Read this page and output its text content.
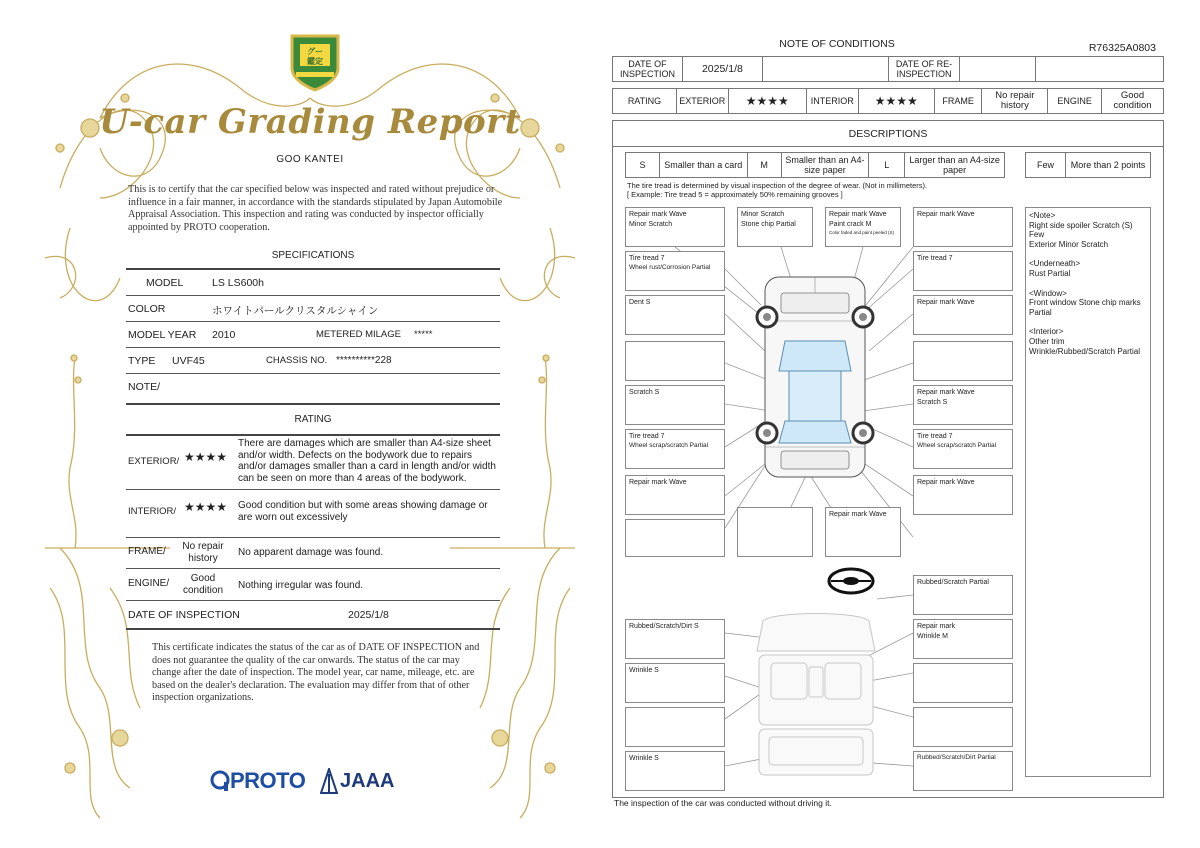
グー
鑑定
U-car Grading Report
GOO KANTEI
This is to certify that the car specified below was inspected and rated without prejudice or influence in a fair manner, in accordance with the standards stipulated by Japan Automobile Appraisal Association. This inspection and rating was conducted by inspector officially appointed by PROTO cooperation.
SPECIFICATIONS
MODEL	LS LS600h
COLOR	ホワイトパールクリスタルシャイン
MODEL YEAR 2010	METERED MILAGE *****
TYPE UVF45	CHASSIS NO. **********228
NOTE/
RATING
EXTERIOR/ ★★★★
There are damages which are smaller than A4-size sheet and/or width. Defects on the bodywork due to repairs and/or damages smaller than a card in length and/or width can be seen on more than 4 areas of the bodywork.
INTERIOR/ ★★★★ Good condition but with some areas showing damage or are worn out excessively
FRAME/	No repair history	No apparent damage was found.
ENGINE/	Good condition	Nothing irregular was found.
DATE OF INSPECTION	2025/1/8
This certificate indicates the status of the car as of DATE OF INSPECTION and does not guarantee the quality of the car onwards. The status of the car may change after the date of inspection. The model year, car name, mileage, etc. are based on the dealer's declaration. The evaluation may differ from that of other inspection organizations.
PROTO JAAA
NOTE OF CONDITIONS	R76325A0803
DATE OF INSPECTION	2025/1/8		DATE OF RE-INSPECTION		
RATING	EXTERIOR	★★★★	INTERIOR	★★★★	FRAME	No repair history	ENGINE	Good condition
DESCRIPTIONS
S	Smaller than a card	M	Smaller than an A4-size paper	L	Larger than an A4-size paper	Few	More than 2 points
The tire tread is determined by visual inspection of the degree of wear. (Not in millimeters).
[ Example: Tire tread 5 = approximately 50% remaining grooves ]
Repair mark Wave
Minor Scratch
Minor Scratch
Stone chip Partial
Repair mark Wave
Paint crack M
Color faded and paint peeled (S)
Repair mark Wave
Tire tread 7
Wheel rust/Corrosion Partial
Tire tread 7
Dent S	Repair mark Wave
Scratch S	Repair mark Wave
Scratch S
Tire tread 7
Wheel scrap/scratch Partial
Tire tread 7
Wheel scrap/scratch Partial
Repair mark Wave	Repair mark Wave
Repair mark Wave
Rubbed/Scratch Partial
Rubbed/Scratch/Dirt S	Repair mark
Wrinkle M
Wrinkle S
Wrinkle S	Rubbed/Scratch/Dirt Partial

<Note>
Right side spoiler Scratch (S) Few
Exterior Minor Scratch

<Underneath>
Rust Partial

<Window>
Front window Stone chip marks Partial

<Interior>
Other trim Wrinkle/Rubbed/Scratch Partial

The inspection of the car was conducted without driving it.
